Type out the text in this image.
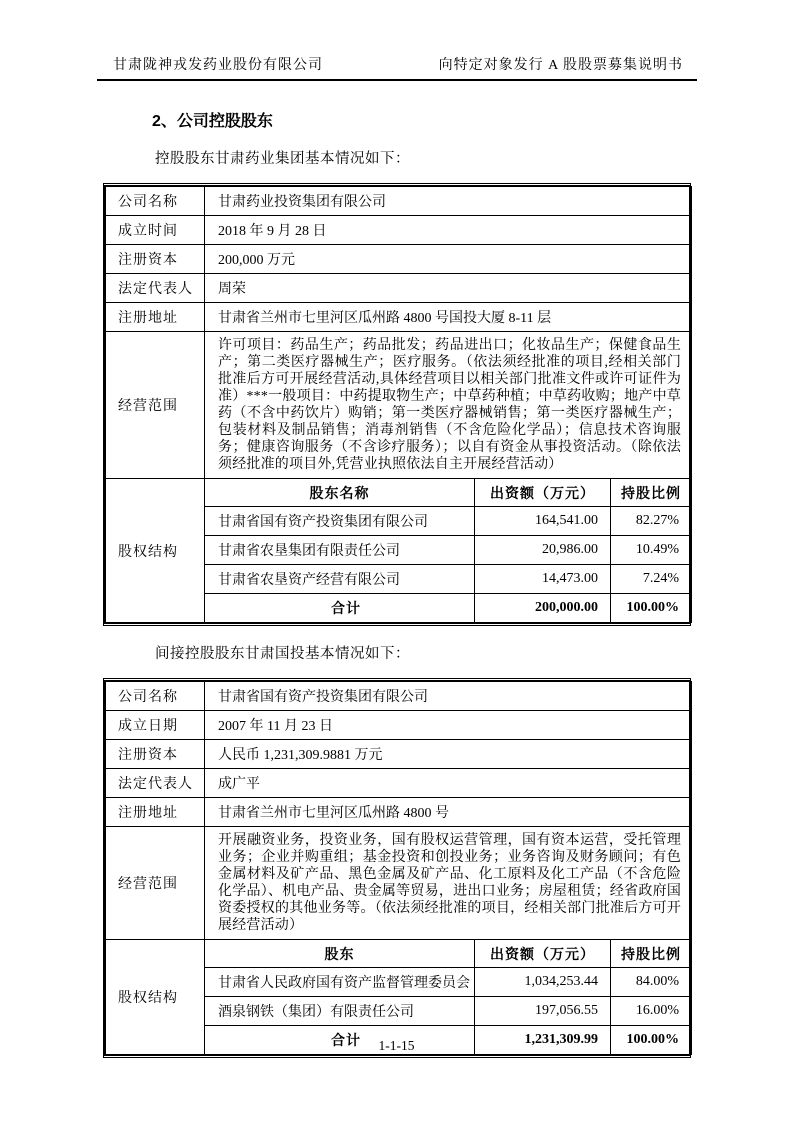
甘肃陇神戎发药业股份有限公司	向特定对象发行 A 股股票募集说明书
2、公司控股股东

控股股东甘肃药业集团基本情况如下：

公司名称	甘肃药业投资集团有限公司		
成立时间	2018 年 9 月 28 日		
注册资本	200,000 万元		
法定代表人	周荣		
注册地址	甘肃省兰州市七里河区瓜州路 4800 号国投大厦 8-11 层		
经营范围	许可项目：药品生产；药品批发；药品进出口；化妆品生产；保健食品生产；第二类医疗器械生产；医疗服务。（依法须经批准的项目,经相关部门批准后方可开展经营活动,具体经营项目以相关部门批准文件或许可证件为准）***一般项目：中药提取物生产；中草药种植；中草药收购；地产中草药（不含中药饮片）购销；第一类医疗器械销售；第一类医疗器械生产；包装材料及制品销售；消毒剂销售（不含危险化学品）；信息技术咨询服务；健康咨询服务（不含诊疗服务）；以自有资金从事投资活动。（除依法须经批准的项目外,凭营业执照依法自主开展经营活动）		
股权结构	股东名称	出资额（万元）	持股比例
	甘肃省国有资产投资集团有限公司	164,541.00	82.27%
	甘肃省农垦集团有限责任公司	20,986.00	10.49%
	甘肃省农垦资产经营有限公司	14,473.00	7.24%
	合计	200,000.00	100.00%

间接控股股东甘肃国投基本情况如下：

公司名称	甘肃省国有资产投资集团有限公司		
成立日期	2007 年 11 月 23 日		
注册资本	人民币 1,231,309.9881 万元		
法定代表人	成广平		
注册地址	甘肃省兰州市七里河区瓜州路 4800 号		
经营范围	开展融资业务，投资业务，国有股权运营管理，国有资本运营，受托管理业务；企业并购重组；基金投资和创投业务；业务咨询及财务顾问；有色金属材料及矿产品、黑色金属及矿产品、化工原料及化工产品（不含危险化学品）、机电产品、贵金属等贸易，进出口业务；房屋租赁；经省政府国资委授权的其他业务等。（依法须经批准的项目，经相关部门批准后方可开展经营活动）		
股权结构	股东	出资额（万元）	持股比例
	甘肃省人民政府国有资产监督管理委员会	1,034,253.44	84.00%
	酒泉钢铁（集团）有限责任公司	197,056.55	16.00%
	合计	1,231,309.99	100.00%
1-1-15
